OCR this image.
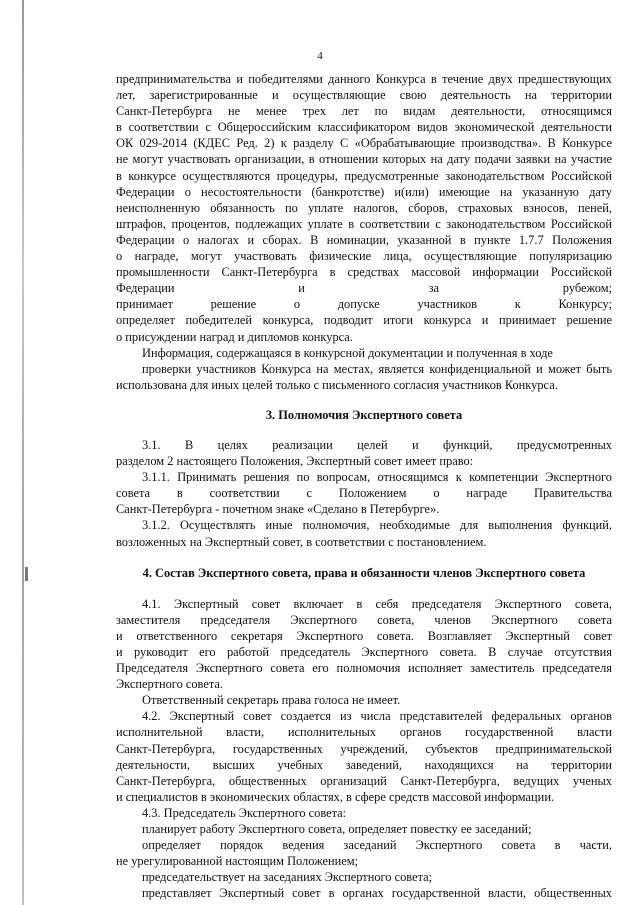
4

предпринимательства и победителями данного Конкурса в течение двух предшествующих

лет, зарегистрированные и осуществляющие свою деятельность на территории

Санкт-Петербурга не менее трех лет по видам деятельности, относящимся

в соответствии с Общероссийским классификатором видов экономической деятельности

ОК 029-2014 (КДЕС Ред. 2) к разделу С «Обрабатывающие производства». В Конкурсе

не могут участвовать организации, в отношении которых на дату подачи заявки на участие

в конкурсе осуществляются процедуры, предусмотренные законодательством Российской

Федерации о несостоятельности (банкротстве) и(или) имеющие на указанную дату

неисполненную обязанность по уплате налогов, сборов, страховых взносов, пеней,

штрафов, процентов, подлежащих уплате в соответствии с законодательством Российской

Федерации о налогах и сборах. В номинации, указанной в пункте 1.7.7 Положения

о награде, могут участвовать физические лица, осуществляющие популяризацию

промышленности Санкт-Петербурга в средствах массовой информации Российской

Федерации и за рубежом;

принимает решение о допуске участников к Конкурсу;

определяет победителей конкурса, подводит итоги конкурса и принимает решение

о присуждении наград и дипломов конкурса.

Информация, содержащаяся в конкурсной документации и полученная в ходе

проверки участников Конкурса на местах, является конфиденциальной и может быть

использована для иных целей только с письменного согласия участников Конкурса.

3. Полномочия Экспертного совета

3.1. В целях реализации целей и функций, предусмотренных

разделом 2 настоящего Положения, Экспертный совет имеет право:

3.1.1. Принимать решения по вопросам, относящимся к компетенции Экспертного

совета в соответствии с Положением о награде Правительства

Санкт-Петербурга - почетном знаке «Сделано в Петербурге».

3.1.2. Осуществлять иные полномочия, необходимые для выполнения функций,

возложенных на Экспертный совет, в соответствии с постановлением.

4. Состав Экспертного совета, права и обязанности членов Экспертного совета

4.1. Экспертный совет включает в себя председателя Экспертного совета,

заместителя председателя Экспертного совета, членов Экспертного совета

и ответственного секретаря Экспертного совета. Возглавляет Экспертный совет

и руководит его работой председатель Экспертного совета. В случае отсутствия

Председателя Экспертного совета его полномочия исполняет заместитель председателя

Экспертного совета.

Ответственный секретарь права голоса не имеет.

4.2. Экспертный совет создается из числа представителей федеральных органов

исполнительной власти, исполнительных органов государственной власти

Санкт-Петербурга, государственных учреждений, субъектов предпринимательской

деятельности, высших учебных заведений, находящихся на территории

Санкт-Петербурга, общественных организаций Санкт-Петербурга, ведущих ученых

и специалистов в экономических областях, в сфере средств массовой информации.

4.3. Председатель Экспертного совета:

планирует работу Экспертного совета, определяет повестку ее заседаний;

определяет порядок ведения заседаний Экспертного совета в части,

не урегулированной настоящим Положением;

председательствует на заседаниях Экспертного совета;

представляет Экспертный совет в органах государственной власти, общественных
